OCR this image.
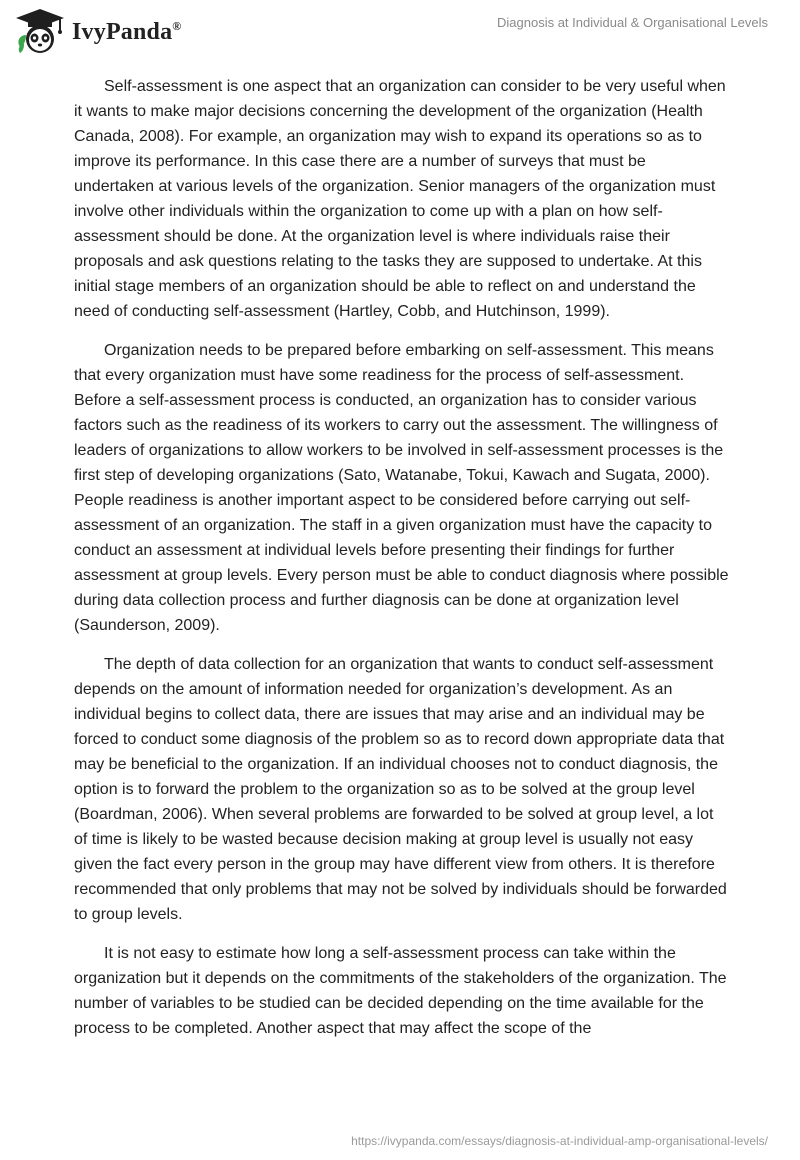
IvyPanda®	Diagnosis at Individual & Organisational Levels

Self-assessment is one aspect that an organization can consider to be very useful when it wants to make major decisions concerning the development of the organization (Health Canada, 2008). For example, an organization may wish to expand its operations so as to improve its performance. In this case there are a number of surveys that must be undertaken at various levels of the organization. Senior managers of the organization must involve other individuals within the organization to come up with a plan on how self-assessment should be done. At the organization level is where individuals raise their proposals and ask questions relating to the tasks they are supposed to undertake. At this initial stage members of an organization should be able to reflect on and understand the need of conducting self-assessment (Hartley, Cobb, and Hutchinson, 1999).

Organization needs to be prepared before embarking on self-assessment. This means that every organization must have some readiness for the process of self-assessment. Before a self-assessment process is conducted, an organization has to consider various factors such as the readiness of its workers to carry out the assessment. The willingness of leaders of organizations to allow workers to be involved in self-assessment processes is the first step of developing organizations (Sato, Watanabe, Tokui, Kawach and Sugata, 2000). People readiness is another important aspect to be considered before carrying out self-assessment of an organization. The staff in a given organization must have the capacity to conduct an assessment at individual levels before presenting their findings for further assessment at group levels. Every person must be able to conduct diagnosis where possible during data collection process and further diagnosis can be done at organization level (Saunderson, 2009).

The depth of data collection for an organization that wants to conduct self-assessment depends on the amount of information needed for organization’s development. As an individual begins to collect data, there are issues that may arise and an individual may be forced to conduct some diagnosis of the problem so as to record down appropriate data that may be beneficial to the organization. If an individual chooses not to conduct diagnosis, the option is to forward the problem to the organization so as to be solved at the group level (Boardman, 2006). When several problems are forwarded to be solved at group level, a lot of time is likely to be wasted because decision making at group level is usually not easy given the fact every person in the group may have different view from others. It is therefore recommended that only problems that may not be solved by individuals should be forwarded to group levels.

It is not easy to estimate how long a self-assessment process can take within the organization but it depends on the commitments of the stakeholders of the organization. The number of variables to be studied can be decided depending on the time available for the process to be completed. Another aspect that may affect the scope of the

https://ivypanda.com/essays/diagnosis-at-individual-amp-organisational-levels/
